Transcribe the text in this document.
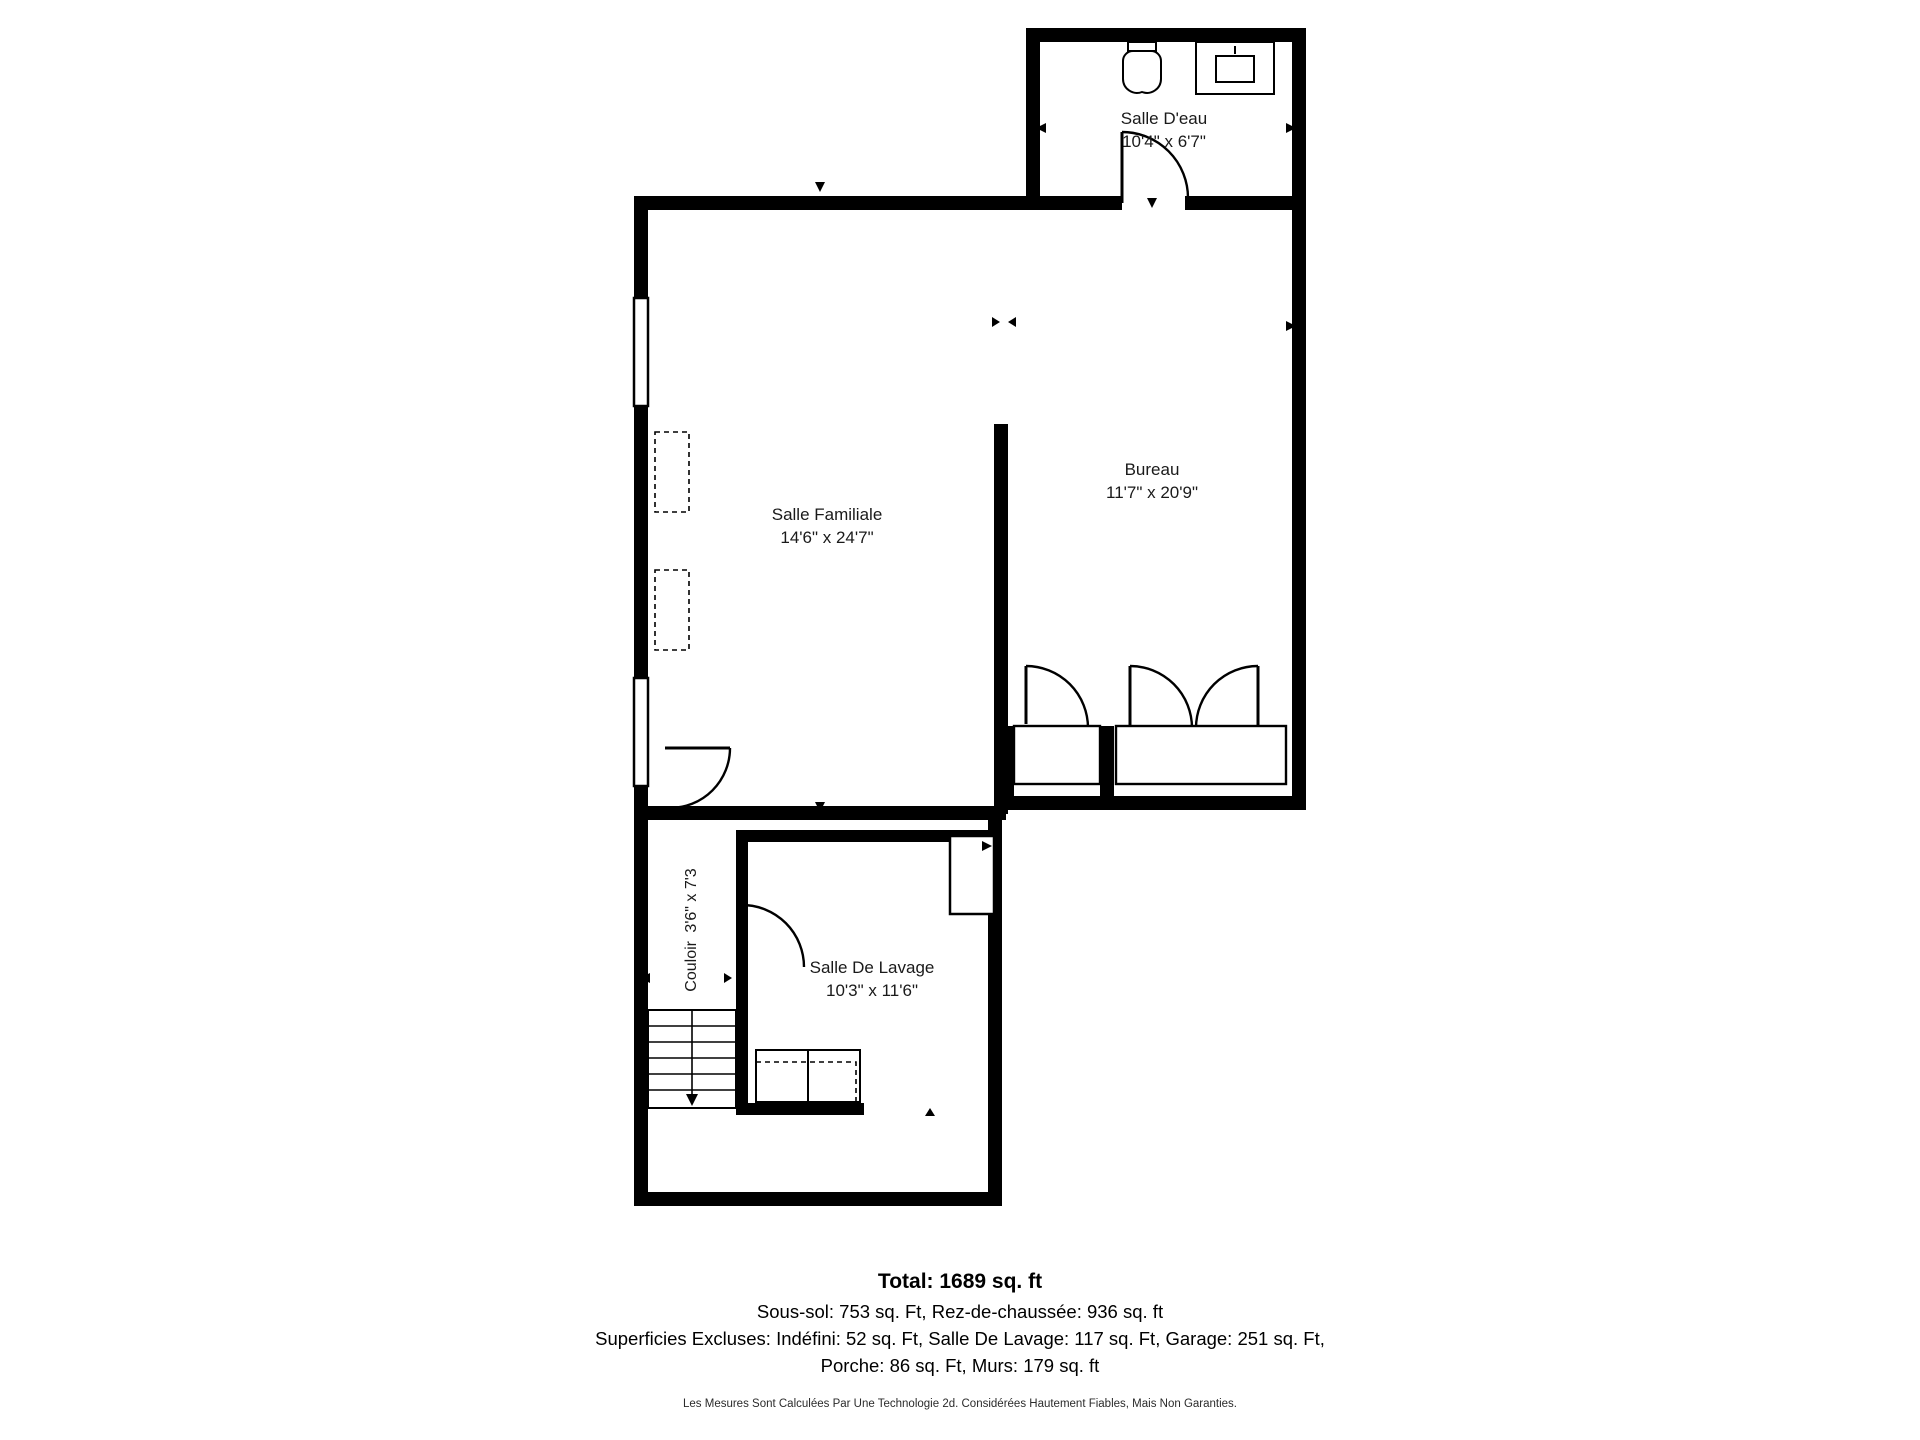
Salle D'eau
10'4" x 6'7"
Bureau
11'7" x 20'9"
Salle Familiale
14'6" x 24'7"
Couloir 3'6" x 7'3
Salle De Lavage
10'3" x 11'6"
Total: 1689 sq. ft
Sous-sol: 753 sq. Ft, Rez-de-chaussée: 936 sq. ft
Superficies Excluses: Indéfini: 52 sq. Ft, Salle De Lavage: 117 sq. Ft, Garage: 251 sq. Ft,
Porche: 86 sq. Ft, Murs: 179 sq. ft
Les Mesures Sont Calculées Par Une Technologie 2d. Considérées Hautement Fiables, Mais Non Garanties.
